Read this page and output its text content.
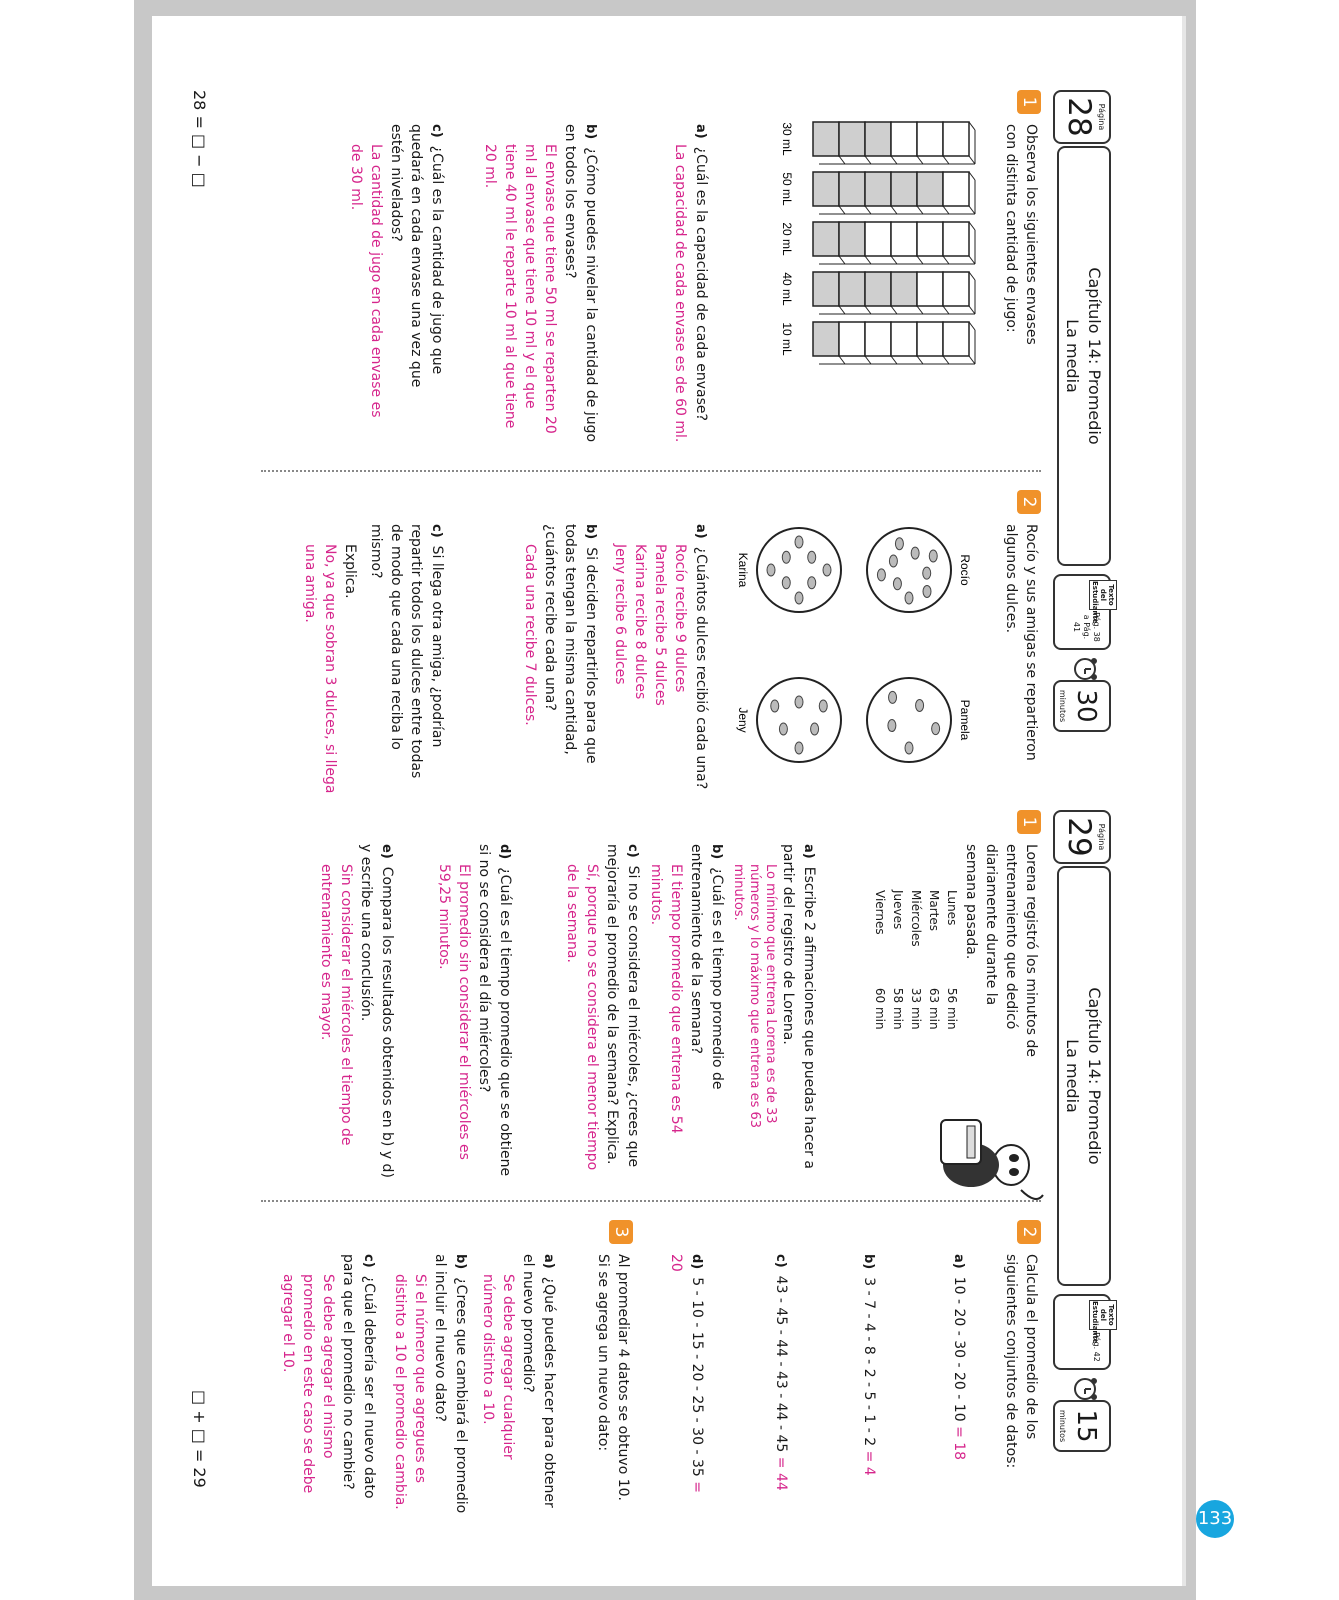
Página
28
Capítulo 14: Promedio
La media
Texto del Estudiante
Pág. 38 a Pág. 41
30
minutos
1
Observa los siguientes envases con distinta cantidad de jugo:
30 mL
50 mL
20 mL
40 mL
10 mL
a)¿Cuál es la capacidad de cada envase?
La capacidad de cada envase es de 60 ml.
b)¿Cómo puedes nivelar la cantidad de jugo en todos los envases?
El envase que tiene 50 ml se reparten 20 ml al envase que tiene 10 ml y el que tiene 40 ml le reparte 10 ml al que tiene 20 ml.
c)¿Cuál es la cantidad de jugo que quedará en cada envase una vez que estén nivelados?
La cantidad de jugo en cada envase es de 30 ml.
2
Rocío y sus amigas se repartieron algunos dulces.
Rocío
Pamela
Karina
Jeny
a)¿Cuántos dulces recibió cada una?
Rocío recibe 9 dulces
Pamela recibe 5 dulces
Karina recibe 8 dulces
Jeny recibe 6 dulces
b)Si deciden repartirlos para que todas tengan la misma cantidad, ¿cuántos recibe cada una?
Cada una recibe 7 dulces.
c)Si llega otra amiga, ¿podrían repartir todos los dulces entre todas de modo que cada una reciba lo mismo?
Explica.
No, ya que sobran 3 dulces, si llega una amiga.
28 = □ − □
Página
29
Capítulo 14: Promedio
La media
Texto del Estudiante
Pág. 42
15
minutos
1
Lorena registró los minutos de entrenamiento que dedicó diariamente durante la semana pasada.
Lunes	56 min
Martes	63 min
Miércoles	33 min
Jueves	58 min
Viernes	60 min
a)Escribe 2 afirmaciones que puedas hacer a partir del registro de Lorena.
Lo mínimo que entrena Lorena es de 33 números y lo máximo que entrena es 63 minutos.
b)¿Cuál es el tiempo promedio de entrenamiento de la semana?
El tiempo promedio que entrena es 54 minutos.
c)Si no se considera el miércoles, ¿crees que mejoraría el promedio de la semana? Explica.
Sí, porque no se considera el menor tiempo de la semana.
d)¿Cuál es el tiempo promedio que se obtiene si no se considera el día miércoles?
El promedio sin considerar el miércoles es 59,25 minutos.
e)Compara los resultados obtenidos en b) y d) y escribe una conclusión.
Sin considerar el miércoles el tiempo de entrenamiento es mayor.
2
Calcula el promedio de los siguientes conjuntos de datos:
a)10 - 20 - 30 - 20 - 10 = 18
b)3 - 7 - 4 - 8 - 2 - 5 - 1 - 2 = 4
c)43 - 45 - 44 - 43 - 44 - 45 = 44
d)5 - 10 - 15 - 20 - 25 - 30 - 35 = 20
3
Al promediar 4 datos se obtuvo 10. Si se agrega un nuevo dato:
a)¿Qué puedes hacer para obtener el nuevo promedio?
Se debe agregar cualquier número distinto a 10.
b)¿Crees que cambiará el promedio al incluir el nuevo dato?
Si el número que agregues es distinto a 10 el promedio cambia.
c)¿Cuál debería ser el nuevo dato para que el promedio no cambie?
Se debe agregar el mismo promedio en este caso se debe agregar el 10.
□ + □ = 29
133
